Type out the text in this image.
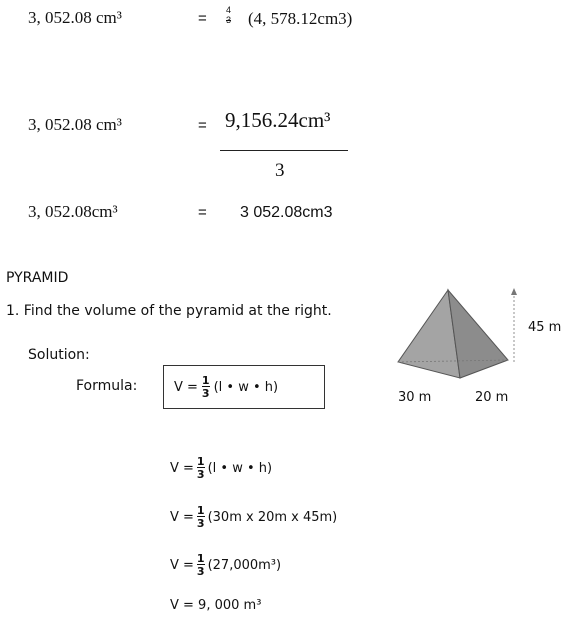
3, 052.08 cm³	= 4
3 (4, 578.12cm3)
3, 052.08 cm³	= 9,156.24cm³
3
3, 052.08cm³	= 3 052.08cm3
PYRAMID
1. Find the volume of the pyramid at the right.
Solution:
Formula:	$V = \frac{1}{3} (l$ • w • h)
$V = \frac{1}{3} (l$ • w • h)
$V = \frac{1}{3} (30m$ x 20m x 45m)
$V = \frac{1}{3} (27,000m^3)$
V = 9, 000 m³
30 m	20 m
45 m
